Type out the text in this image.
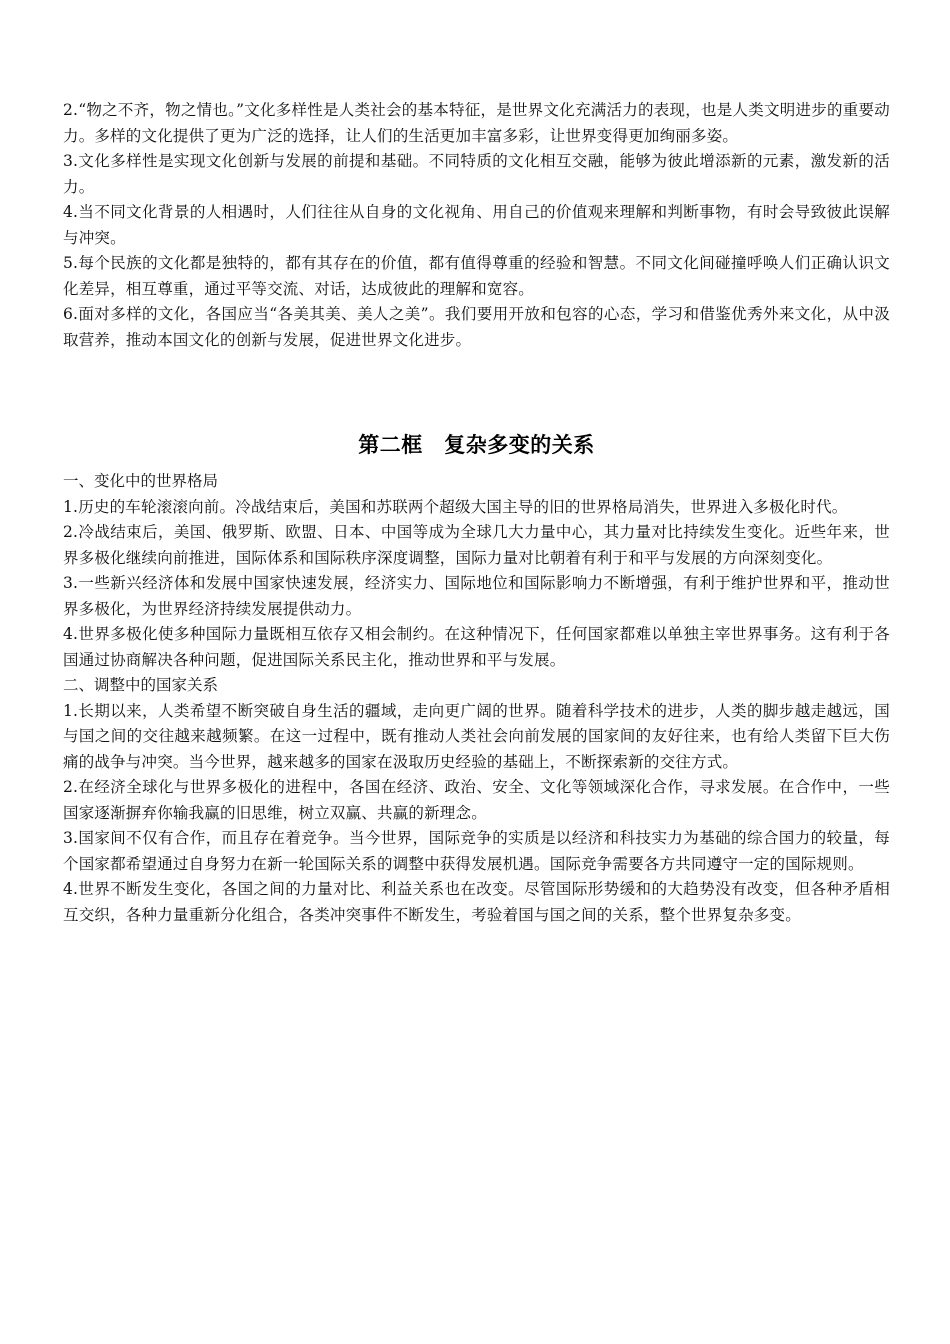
2.“物之不齐，物之情也。”文化多样性是人类社会的基本特征，是世界文化充满活力的表现，也是人类文明进步的重要动力。多样的文化提供了更为广泛的选择，让人们的生活更加丰富多彩，让世界变得更加绚丽多姿。

3.文化多样性是实现文化创新与发展的前提和基础。不同特质的文化相互交融，能够为彼此增添新的元素，激发新的活力。

4.当不同文化背景的人相遇时，人们往往从自身的文化视角、用自己的价值观来理解和判断事物，有时会导致彼此误解与冲突。

5.每个民族的文化都是独特的，都有其存在的价值，都有值得尊重的经验和智慧。不同文化间碰撞呼唤人们正确认识文化差异，相互尊重，通过平等交流、对话，达成彼此的理解和宽容。

6.面对多样的文化，各国应当“各美其美、美人之美”。我们要用开放和包容的心态，学习和借鉴优秀外来文化，从中汲取营养，推动本国文化的创新与发展，促进世界文化进步。

第二框　复杂多变的关系

一、变化中的世界格局

1.历史的车轮滚滚向前。冷战结束后，美国和苏联两个超级大国主导的旧的世界格局消失，世界进入多极化时代。

2.冷战结束后，美国、俄罗斯、欧盟、日本、中国等成为全球几大力量中心，其力量对比持续发生变化。近些年来，世界多极化继续向前推进，国际体系和国际秩序深度调整，国际力量对比朝着有利于和平与发展的方向深刻变化。

3.一些新兴经济体和发展中国家快速发展，经济实力、国际地位和国际影响力不断增强，有利于维护世界和平，推动世界多极化，为世界经济持续发展提供动力。

4.世界多极化使多种国际力量既相互依存又相会制约。在这种情况下，任何国家都难以单独主宰世界事务。这有利于各国通过协商解决各种问题，促进国际关系民主化，推动世界和平与发展。

二、调整中的国家关系

1.长期以来，人类希望不断突破自身生活的疆域，走向更广阔的世界。随着科学技术的进步，人类的脚步越走越远，国与国之间的交往越来越频繁。在这一过程中，既有推动人类社会向前发展的国家间的友好往来，也有给人类留下巨大伤痛的战争与冲突。当今世界，越来越多的国家在汲取历史经验的基础上，不断探索新的交往方式。

2.在经济全球化与世界多极化的进程中，各国在经济、政治、安全、文化等领域深化合作，寻求发展。在合作中，一些国家逐渐摒弃你输我赢的旧思维，树立双赢、共赢的新理念。

3.国家间不仅有合作，而且存在着竞争。当今世界，国际竞争的实质是以经济和科技实力为基础的综合国力的较量，每个国家都希望通过自身努力在新一轮国际关系的调整中获得发展机遇。国际竞争需要各方共同遵守一定的国际规则。

4.世界不断发生变化，各国之间的力量对比、利益关系也在改变。尽管国际形势缓和的大趋势没有改变，但各种矛盾相互交织，各种力量重新分化组合，各类冲突事件不断发生，考验着国与国之间的关系，整个世界复杂多变。
